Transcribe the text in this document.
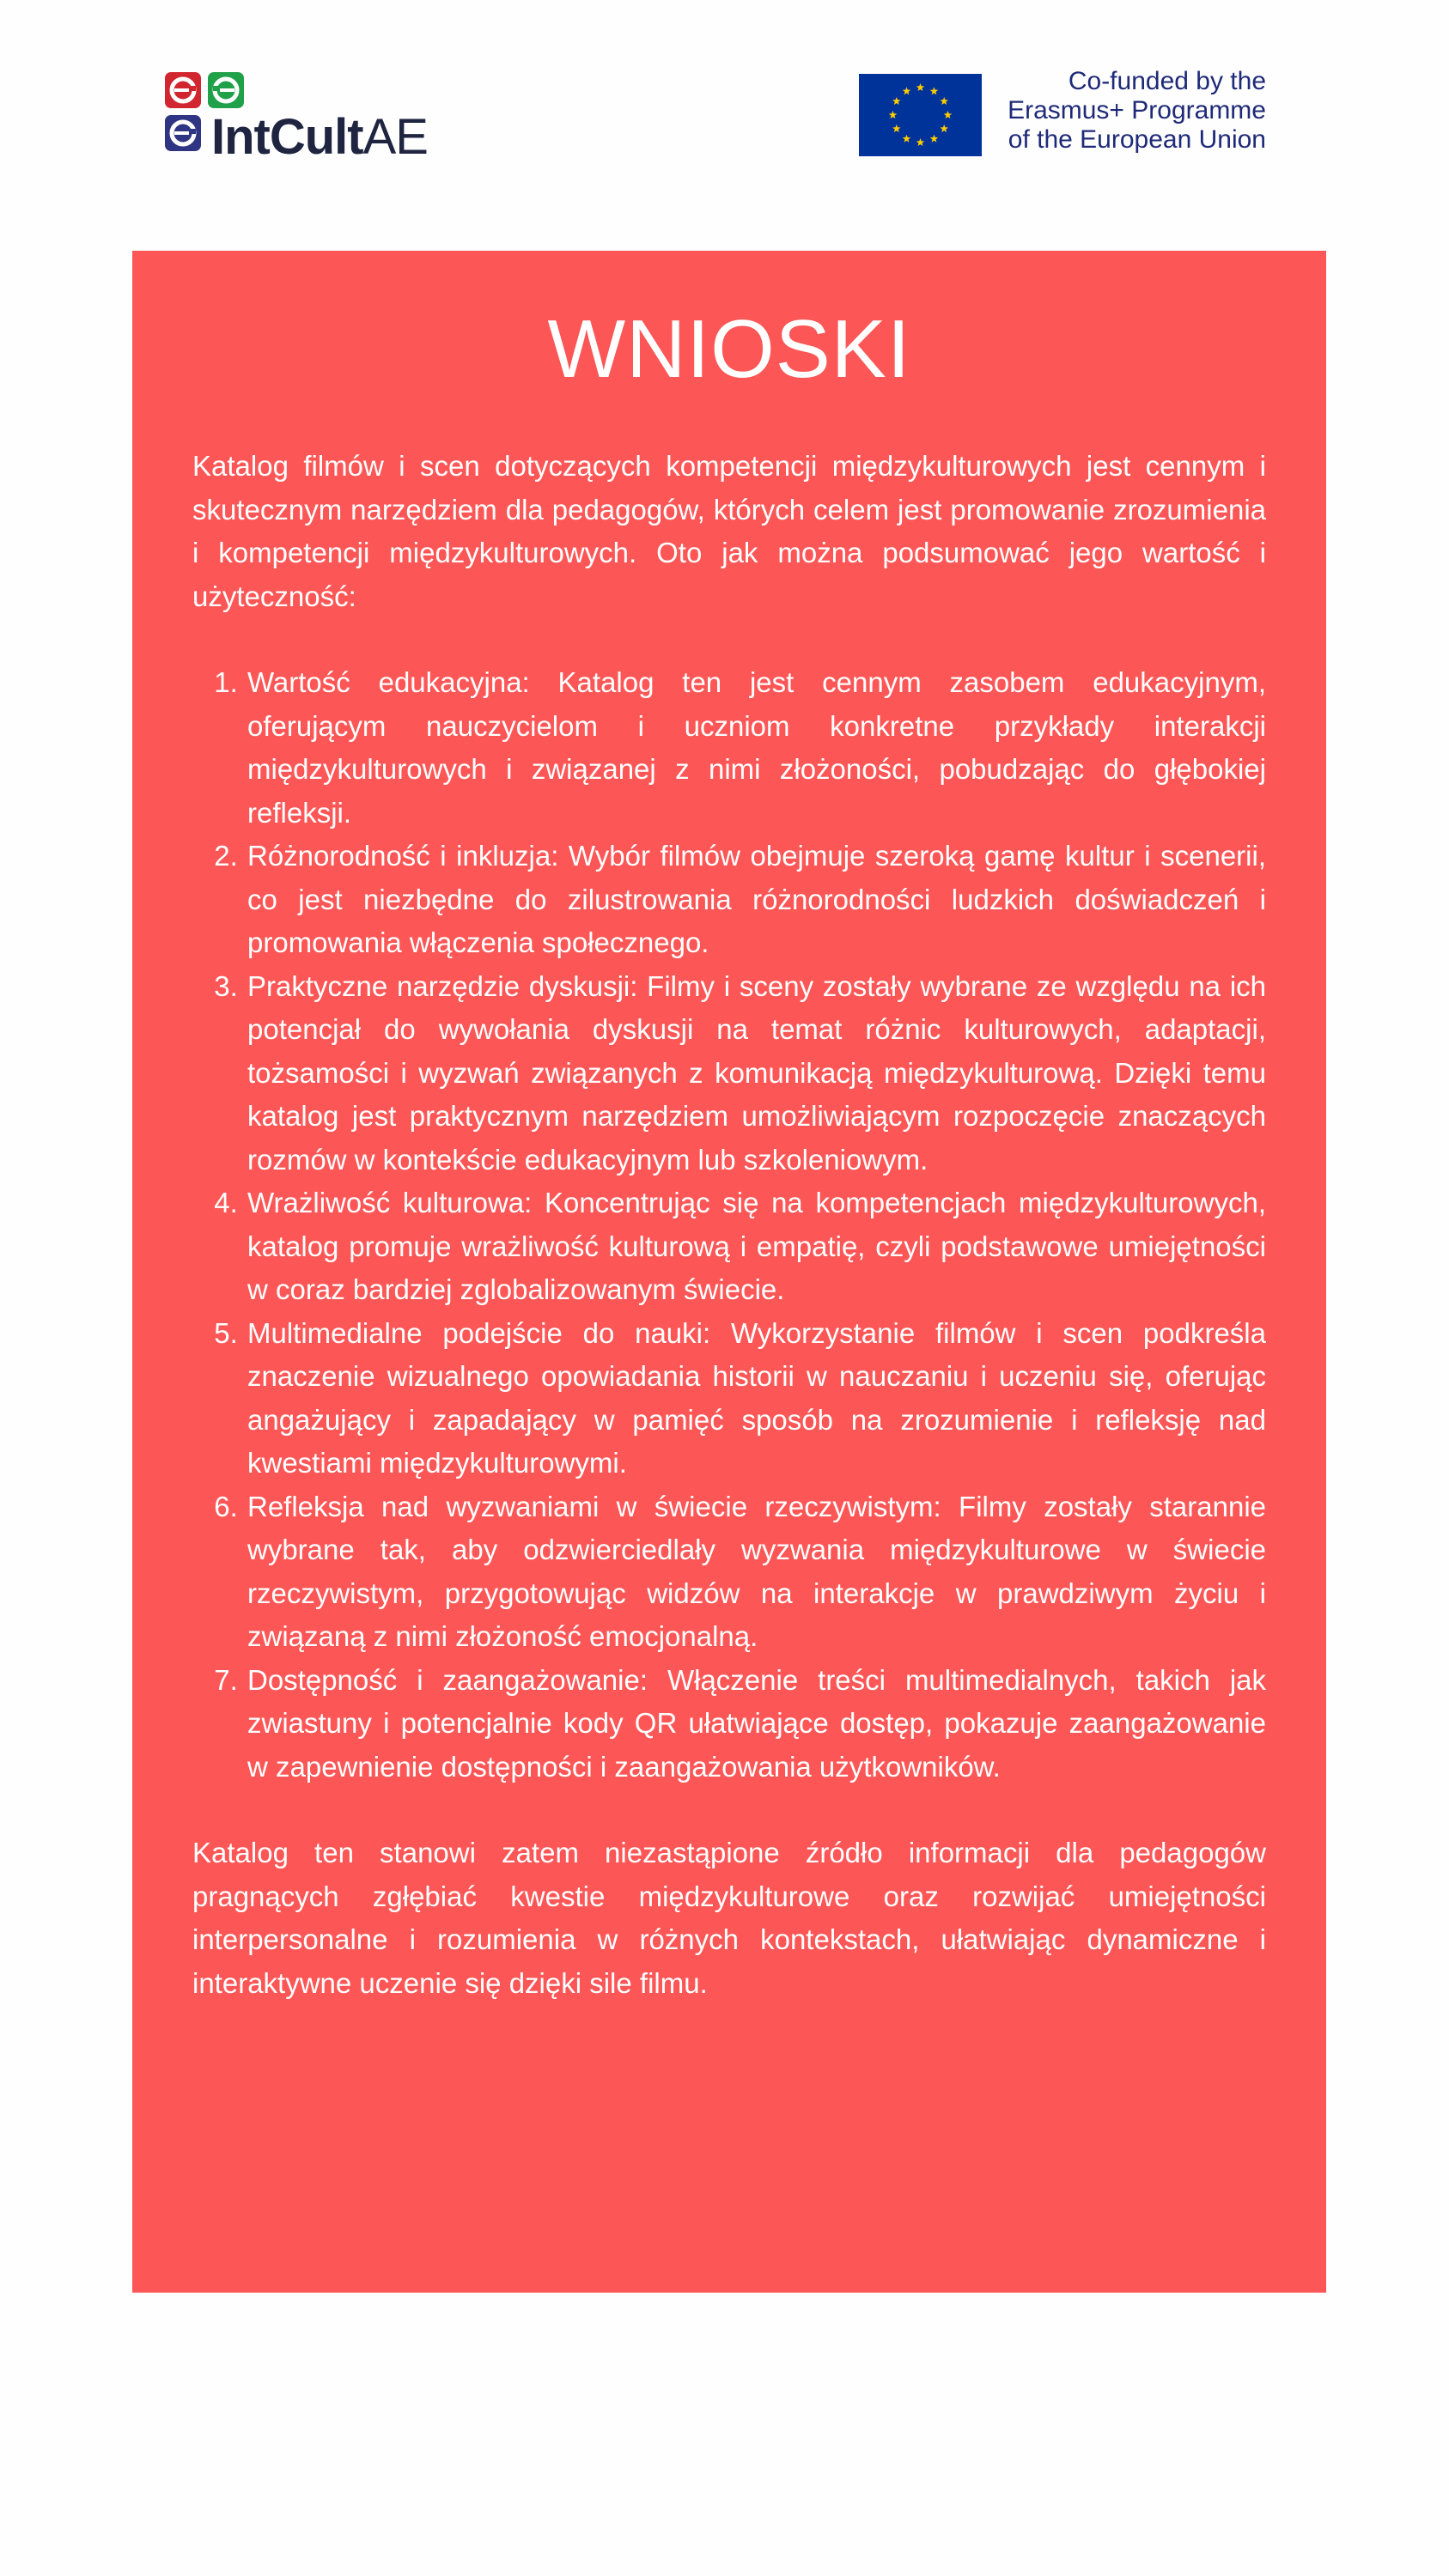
IntCultAE
Co-funded by the
Erasmus+ Programme
of the European Union
WNIOSKI

Katalog filmów i scen dotyczących kompetencji międzykulturowych jest cennym i skutecznym narzędziem dla pedagogów, których celem jest promowanie zrozumienia i kompetencji międzykulturowych. Oto jak można podsumować jego wartość i użyteczność:

1. Wartość edukacyjna: Katalog ten jest cennym zasobem edukacyjnym, oferującym nauczycielom i uczniom konkretne przykłady interakcji międzykulturowych i związanej z nimi złożoności, pobudzając do głębokiej refleksji.
2. Różnorodność i inkluzja: Wybór filmów obejmuje szeroką gamę kultur i scenerii, co jest niezbędne do zilustrowania różnorodności ludzkich doświadczeń i promowania włączenia społecznego.
3. Praktyczne narzędzie dyskusji: Filmy i sceny zostały wybrane ze względu na ich potencjał do wywołania dyskusji na temat różnic kulturowych, adaptacji, tożsamości i wyzwań związanych z komunikacją międzykulturową. Dzięki temu katalog jest praktycznym narzędziem umożliwiającym rozpoczęcie znaczących rozmów w kontekście edukacyjnym lub szkoleniowym.
4. Wrażliwość kulturowa: Koncentrując się na kompetencjach międzykulturowych, katalog promuje wrażliwość kulturową i empatię, czyli podstawowe umiejętności w coraz bardziej zglobalizowanym świecie.
5. Multimedialne podejście do nauki: Wykorzystanie filmów i scen podkreśla znaczenie wizualnego opowiadania historii w nauczaniu i uczeniu się, oferując angażujący i zapadający w pamięć sposób na zrozumienie i refleksję nad kwestiami międzykulturowymi.
6. Refleksja nad wyzwaniami w świecie rzeczywistym: Filmy zostały starannie wybrane tak, aby odzwierciedlały wyzwania międzykulturowe w świecie rzeczywistym, przygotowując widzów na interakcje w prawdziwym życiu i związaną z nimi złożoność emocjonalną.
7. Dostępność i zaangażowanie: Włączenie treści multimedialnych, takich jak zwiastuny i potencjalnie kody QR ułatwiające dostęp, pokazuje zaangażowanie w zapewnienie dostępności i zaangażowania użytkowników.

Katalog ten stanowi zatem niezastąpione źródło informacji dla pedagogów pragnących zgłębiać kwestie międzykulturowe oraz rozwijać umiejętności interpersonalne i rozumienia w różnych kontekstach, ułatwiając dynamiczne i interaktywne uczenie się dzięki sile filmu.
